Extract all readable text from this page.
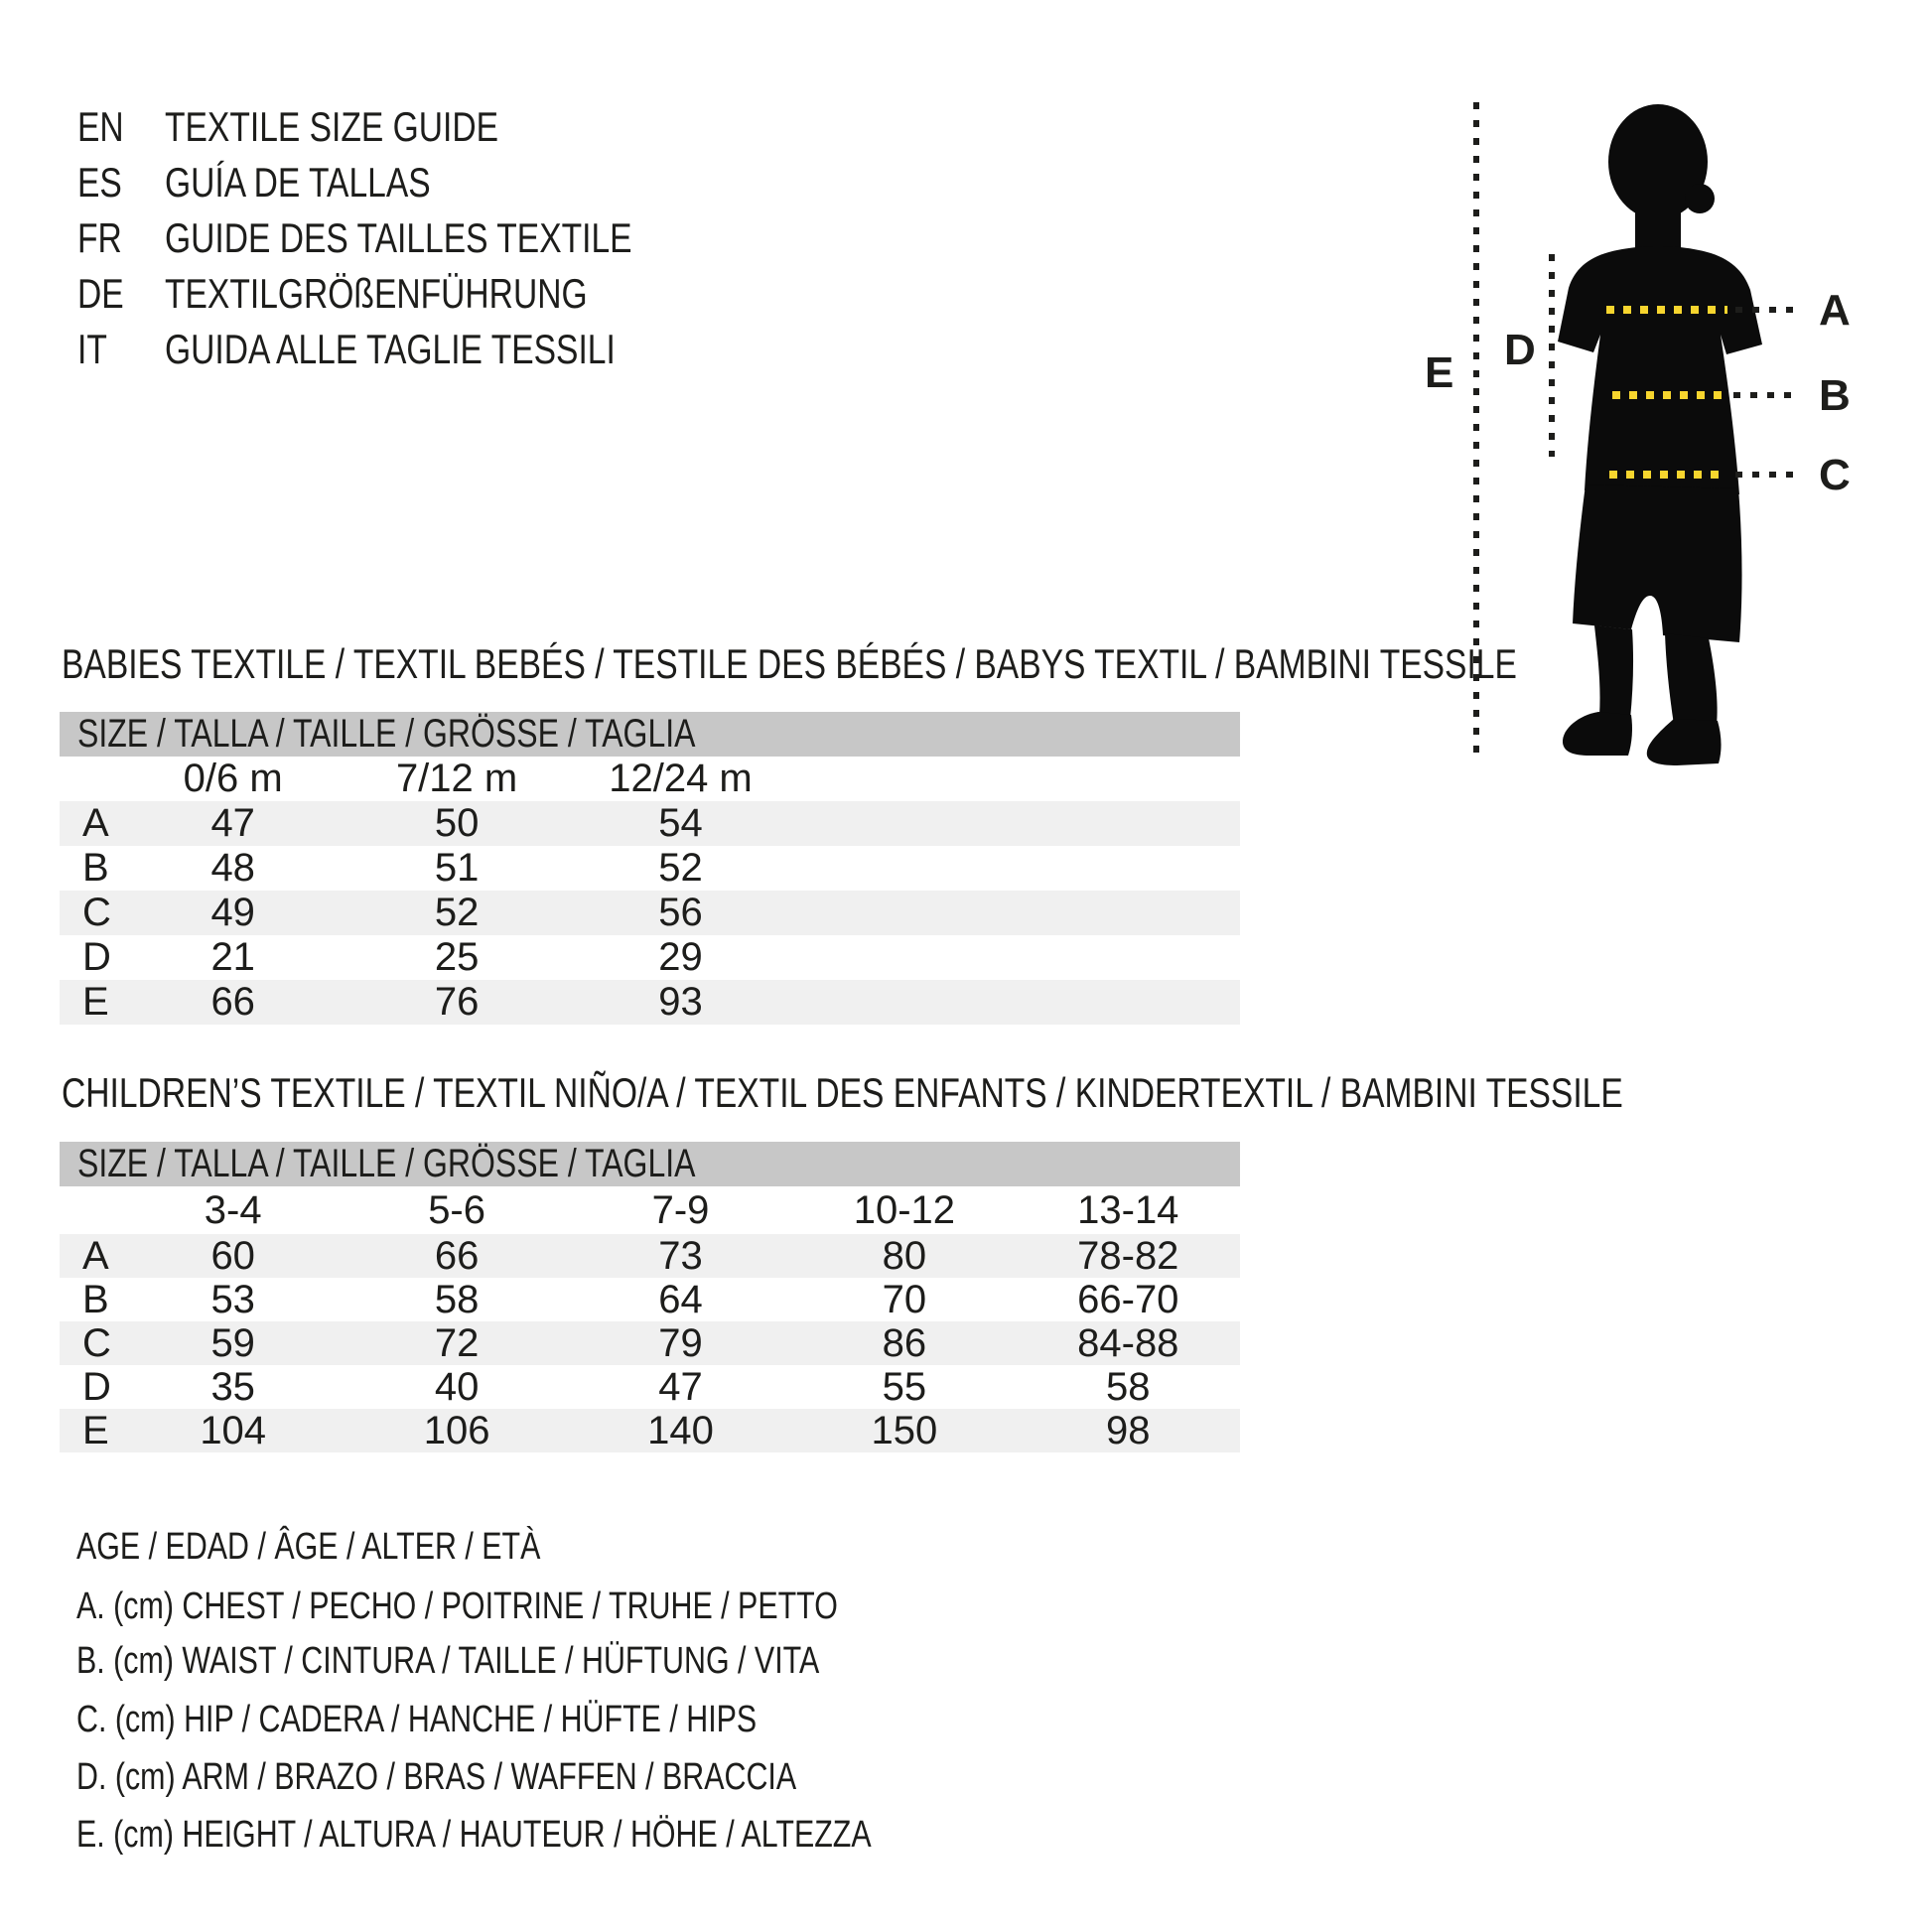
EN TEXTILE SIZE GUIDE
ES	GUÍA DE TALLAS
FR	GUIDE DES TAILLES TEXTILE
DE TEXTILGRÖßENFÜHRUNG
IT	GUIDA ALLE TAGLIE TESSILI	E D
A
B
C
BABIES TEXTILE / TEXTIL BEBÉS / TESTILE DES BÉBÉS / BABYS TEXTIL / BAMBINI TESSILE
SIZE / TALLA / TAILLE / GRÖSSE / TAGLIA
0/6 m	7/12 m	12/24 m
A	47	50	54
B	48	51	52
C	49	52	56
D	21	25	29
E	66	76	93
CHILDREN’S TEXTILE / TEXTIL NIÑO/A / TEXTIL DES ENFANTS / KINDERTEXTIL / BAMBINI TESSILE
SIZE / TALLA / TAILLE / GRÖSSE / TAGLIA
3-4	5-6	7-9	10-12	13-14
A	60	66	73	80	78-82
B	53	58	64	70	66-70
C	59	72	79	86	84-88
D	35	40	47	55	58
E	104	106	140	150	98
AGE / EDAD / ÂGE / ALTER / ETÀ
A. (cm) CHEST / PECHO / POITRINE / TRUHE / PETTO
B. (cm) WAIST / CINTURA / TAILLE / HÜFTUNG / VITA
C. (cm) HIP / CADERA / HANCHE / HÜFTE / HIPS
D. (cm) ARM / BRAZO / BRAS / WAFFEN / BRACCIA
E. (cm) HEIGHT / ALTURA / HAUTEUR / HÖHE / ALTEZZA
